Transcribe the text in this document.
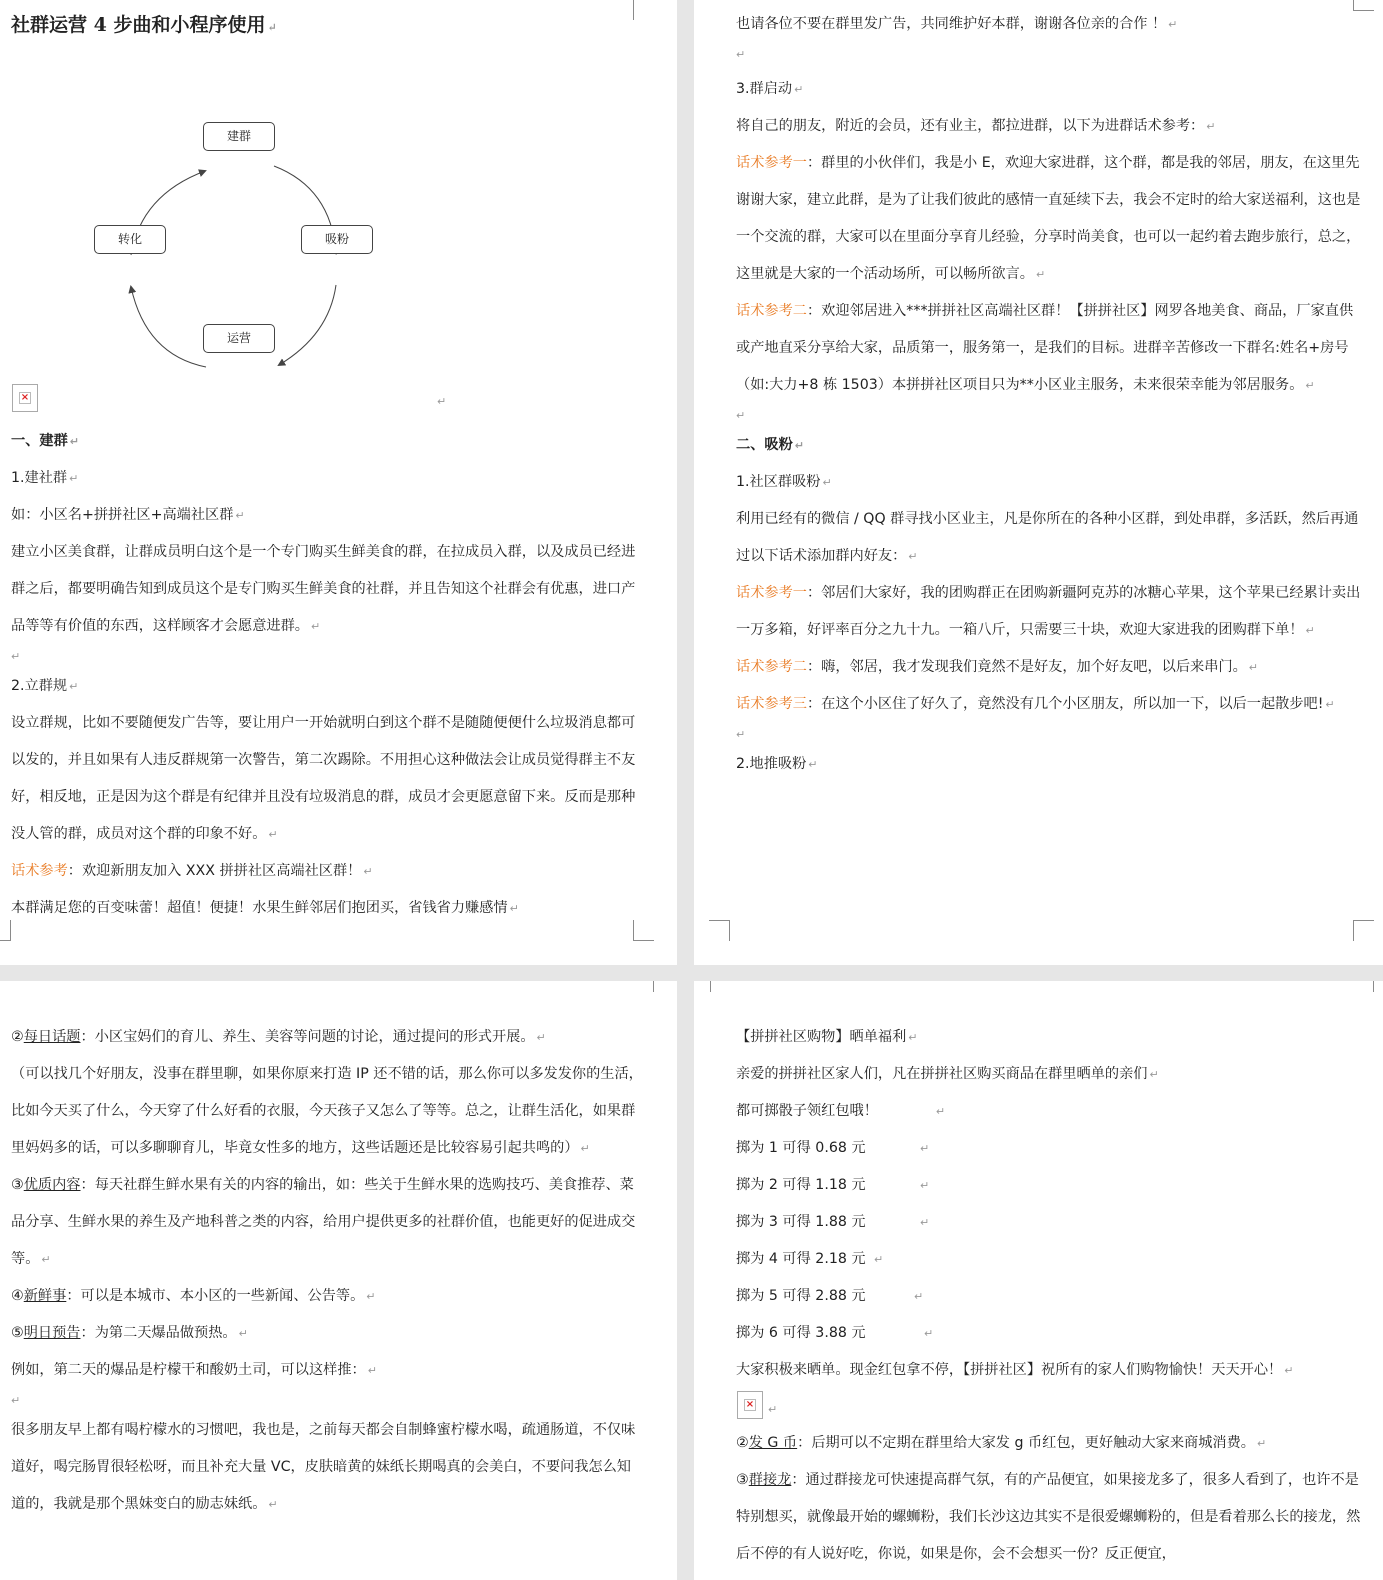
社群运营 4 步曲和小程序使用 ↵

建群
吸粉
运营
转化
×	↵

一、建群 ↵

1.建社群 ↵

如：小区名+拼拼社区+高端社区群 ↵

建立小区美食群，让群成员明白这个是一个专门购买生鲜美食的群，在拉成员入群，以及成员已经进群之后，都要明确告知到成员这个是专门购买生鲜美食的社群，并且告知这个社群会有优惠，进口产品等等有价值的东西，这样顾客才会愿意进群。 ↵

↵

2.立群规 ↵

设立群规，比如不要随便发广告等，要让用户一开始就明白到这个群不是随随便便什么垃圾消息都可 以发的，并且如果有人违反群规第一次警告，第二次踢除。不用担心这种做法会让成员觉得群主不友 好，相反地，正是因为这个群是有纪律并且没有垃圾消息的群，成员才会更愿意留下来。反而是那种 没人管的群，成员对这个群的印象不好。 ↵

话术参考：欢迎新朋友加入 XXX 拼拼社区高端社区群！ ↵

本群满足您的百变味蕾！超值！便捷！水果生鲜邻居们抱团买，省钱省力赚感情 ↵

也请各位不要在群里发广告，共同维护好本群，谢谢各位亲的合作 ！ ↵

↵

3.群启动 ↵

将自己的朋友，附近的会员，还有业主，都拉进群，以下为进群话术参考： ↵

话术参考一：群里的小伙伴们，我是小 E，欢迎大家进群，这个群，都是我的邻居，朋友，在这里先谢谢大家，建立此群，是为了让我们彼此的感情一直延续下去，我会不定时的给大家送福利，这也是一个交流的群，大家可以在里面分享育儿经验，分享时尚美食，也可以一起约着去跑步旅行，总之，这里就是大家的一个活动场所，可以畅所欲言。 ↵

话术参考二：欢迎邻居进入***拼拼社区高端社区群！【拼拼社区】网罗各地美食、商品，厂家直供或产地直采分享给大家，品质第一，服务第一，是我们的目标。进群辛苦修改一下群名:姓名+房号（如:大力+8 栋 1503）本拼拼社区项目只为**小区业主服务，未来很荣幸能为邻居服务。 ↵

↵

二、吸粉 ↵

1.社区群吸粉 ↵

利用已经有的微信 / QQ 群寻找小区业主，凡是你所在的各种小区群，到处串群，多活跃，然后再通过以下话术添加群内好友： ↵

话术参考一：邻居们大家好，我的团购群正在团购新疆阿克苏的冰糖心苹果，这个苹果已经累计卖出一万多箱，好评率百分之九十九。一箱八斤，只需要三十块，欢迎大家进我的团购群下单！ ↵

话术参考二：嗨，邻居，我才发现我们竟然不是好友，加个好友吧，以后来串门。 ↵

话术参考三：在这个小区住了好久了，竟然没有几个小区朋友，所以加一下，以后一起散步吧! ↵

↵

2.地推吸粉 ↵

②每日话题：小区宝妈们的育儿、养生、美容等问题的讨论，通过提问的形式开展。 ↵

（可以找几个好朋友，没事在群里聊，如果你原来打造 IP 还不错的话，那么你可以多发发你的生活，比如今天买了什么，今天穿了什么好看的衣服，今天孩子又怎么了等等。总之，让群生活化，如果群里妈妈多的话，可以多聊聊育儿，毕竟女性多的地方，这些话题还是比较容易引起共鸣的） ↵

③优质内容：每天社群生鲜水果有关的内容的输出，如：些关于生鲜水果的选购技巧、美食推荐、菜品分享、生鲜水果的养生及产地科普之类的内容，给用户提供更多的社群价值，也能更好的促进成交等。 ↵

④新鲜事：可以是本城市、本小区的一些新闻、公告等。 ↵

⑤明日预告：为第二天爆品做预热。 ↵

例如，第二天的爆品是柠檬干和酸奶土司，可以这样推： ↵

↵

很多朋友早上都有喝柠檬水的习惯吧，我也是，之前每天都会自制蜂蜜柠檬水喝，疏通肠道，不仅味道好，喝完肠胃很轻松呀，而且补充大量 VC，皮肤暗黄的妹纸长期喝真的会美白，不要问我怎么知道的，我就是那个黑妹变白的励志妹纸。 ↵

【拼拼社区购物】晒单福利 ↵

亲爱的拼拼社区家人们，凡在拼拼社区购买商品在群里晒单的亲们 ↵

都可掷骰子领红包哦！	↵

掷为 1 可得 0.68 元	↵
掷为 2 可得 1.18 元	↵
掷为 3 可得 1.88 元	↵
掷为 4 可得 2.18 元 ↵
掷为 5 可得 2.88 元	↵
掷为 6 可得 3.88 元	↵

大家积极来晒单。现金红包拿不停，【拼拼社区】祝所有的家人们购物愉快！天天开心！ ↵

× ↵

②发 G 币：后期可以不定期在群里给大家发 g 币红包，更好触动大家来商城消费。 ↵

③群接龙：通过群接龙可快速提高群气氛，有的产品便宜，如果接龙多了，很多人看到了，也许不是特别想买，就像最开始的螺蛳粉，我们长沙这边其实不是很爱螺蛳粉的，但是看着那么长的接龙，然后不停的有人说好吃，你说，如果是你，会不会想买一份？反正便宜，
